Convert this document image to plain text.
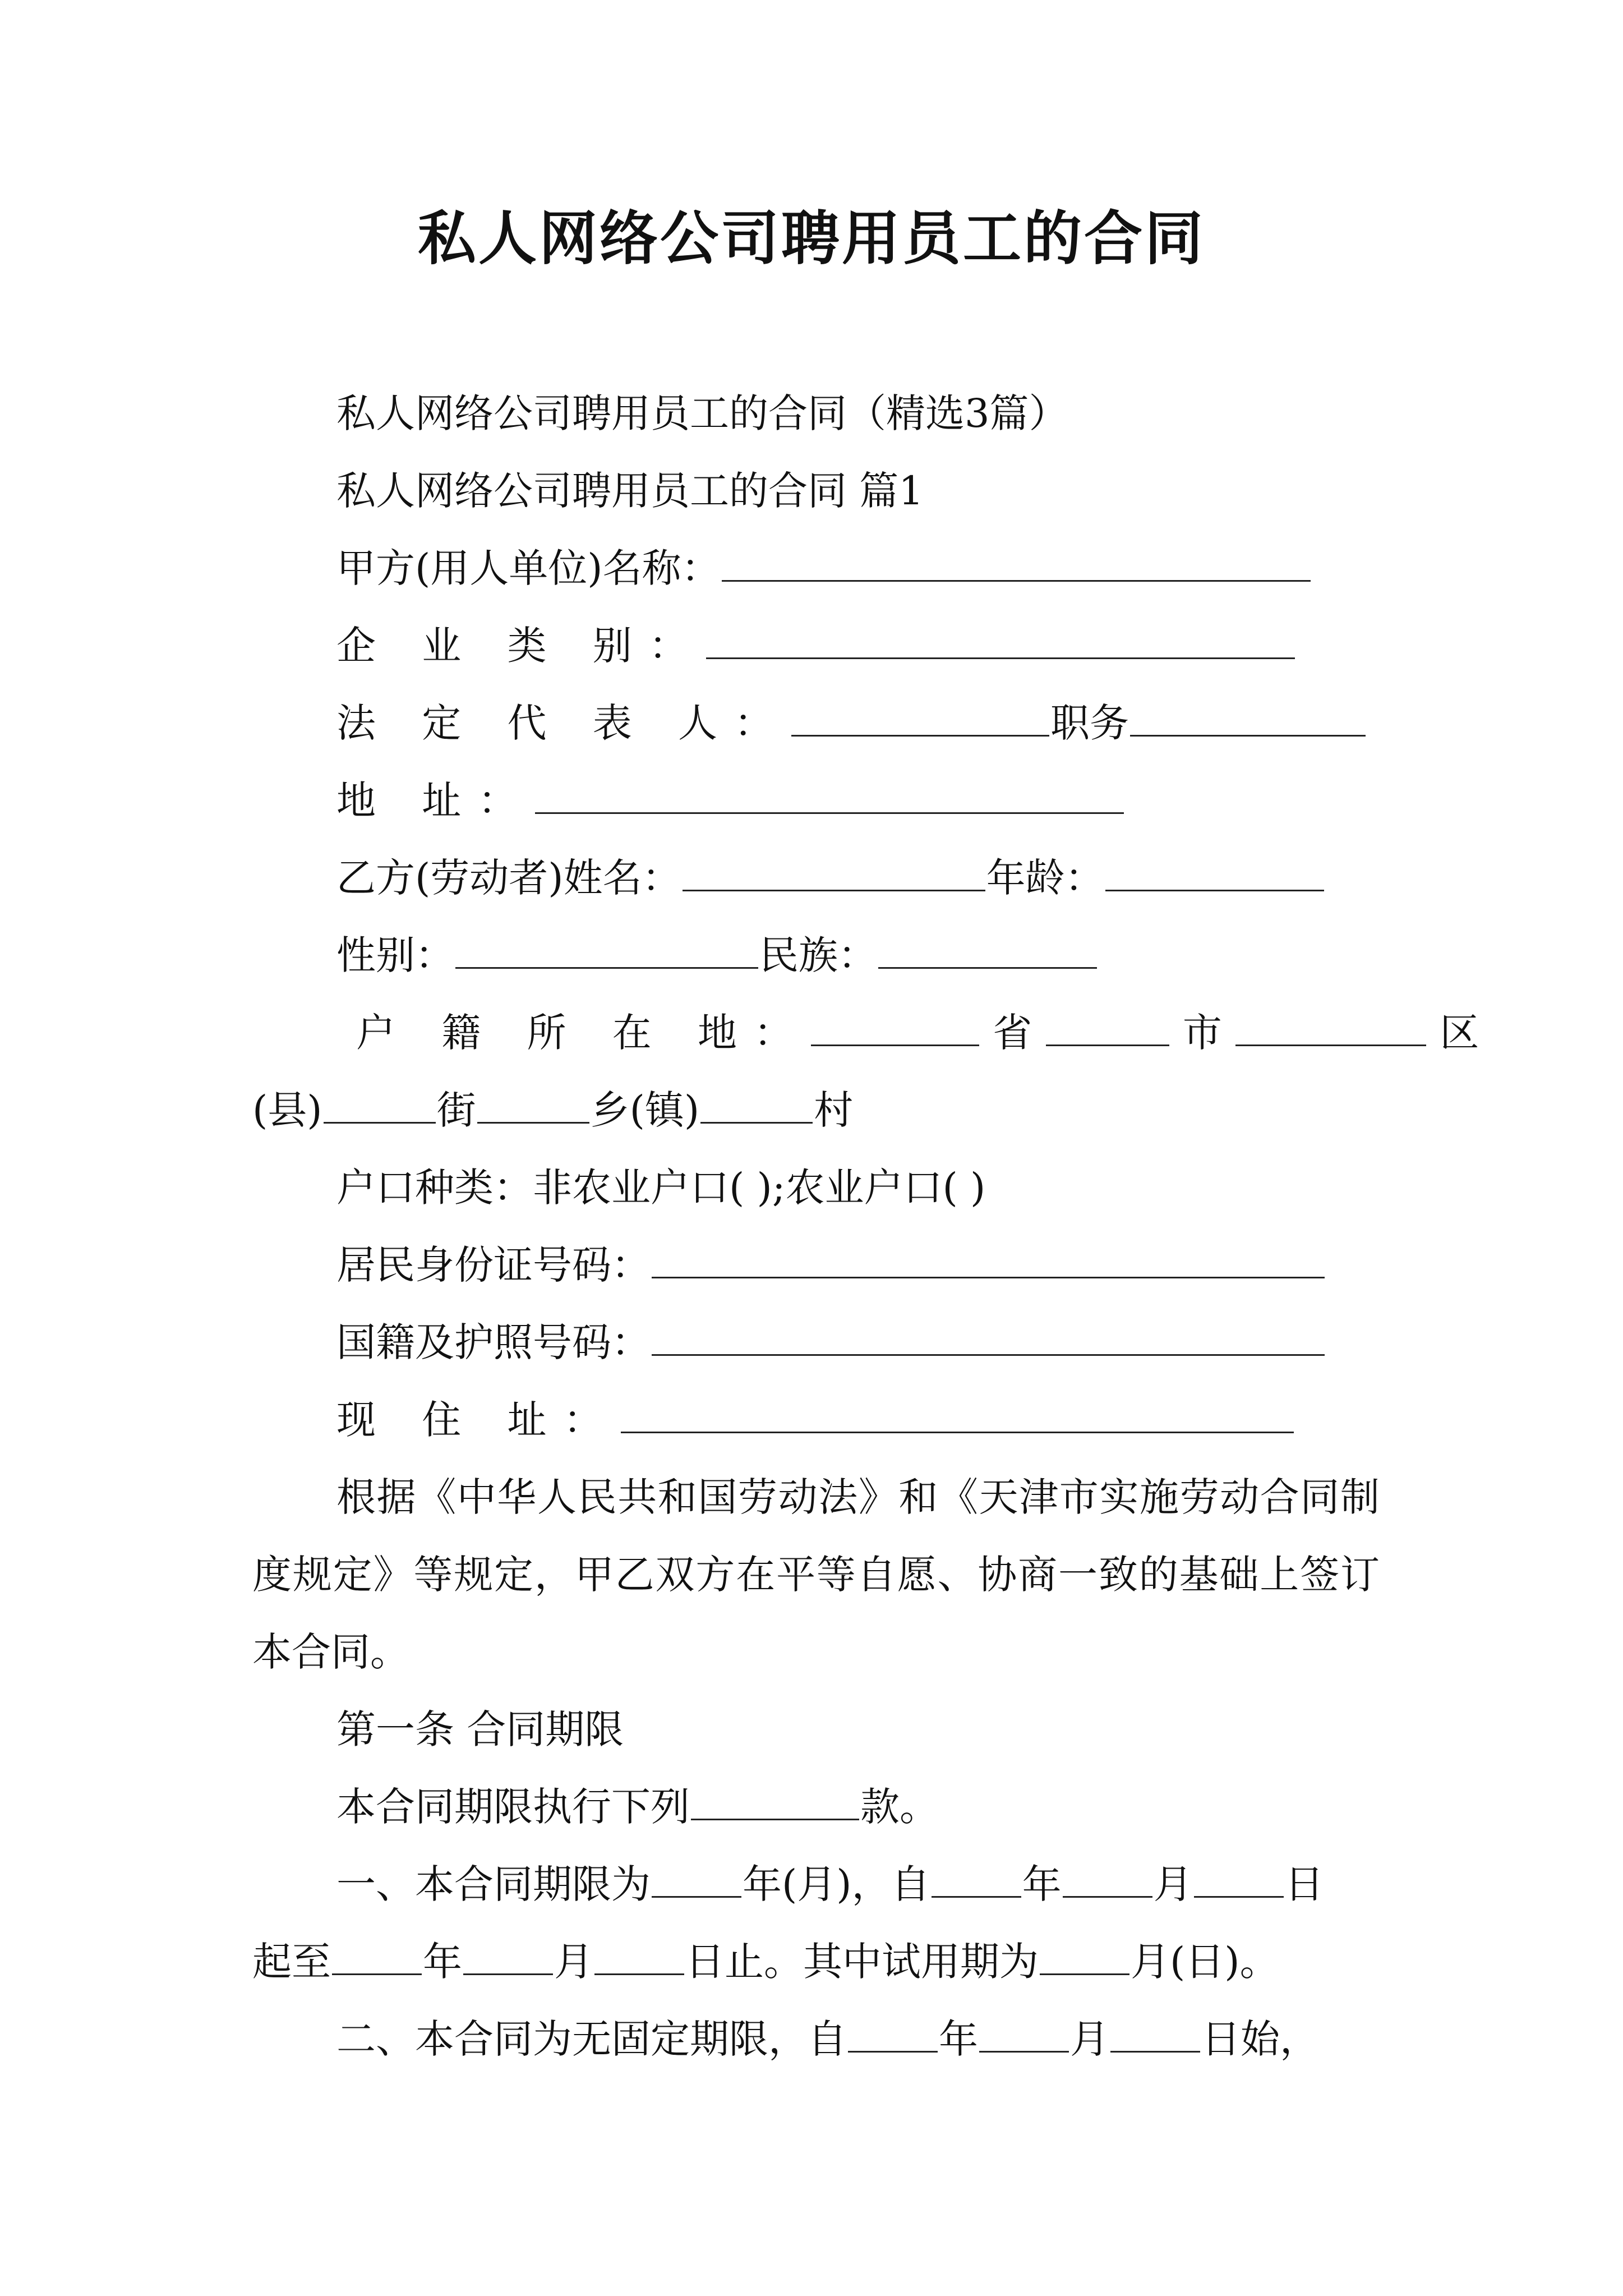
私人网络公司聘用员工的合同
私人网络公司聘用员工的合同（精选3篇）
私人网络公司聘用员工的合同 篇1
甲方(用人单位)名称：
企 业 类 别：
法 定 代 表 人：	职务
地 址：
乙方(劳动者)姓名：	年龄：
性别：	民族：
户 籍 所 在 地：	省	市	区
(县)	街	乡(镇)	村
户口种类：非农业户口( );农业户口( )
居民身份证号码：
国籍及护照号码：
现 住 址：
根据《中华人民共和国劳动法》和《天津市实施劳动合同制度规定》等规定，甲乙双方在平等自愿、协商一致的基础上签订本合同。
第一条 合同期限
本合同期限执行下列	款。
一、本合同期限为 年(月)，自 年 月 日
起至 年 月 日止。其中试用期为 月(日)。
二、本合同为无固定期限，自 年 月 日始，
